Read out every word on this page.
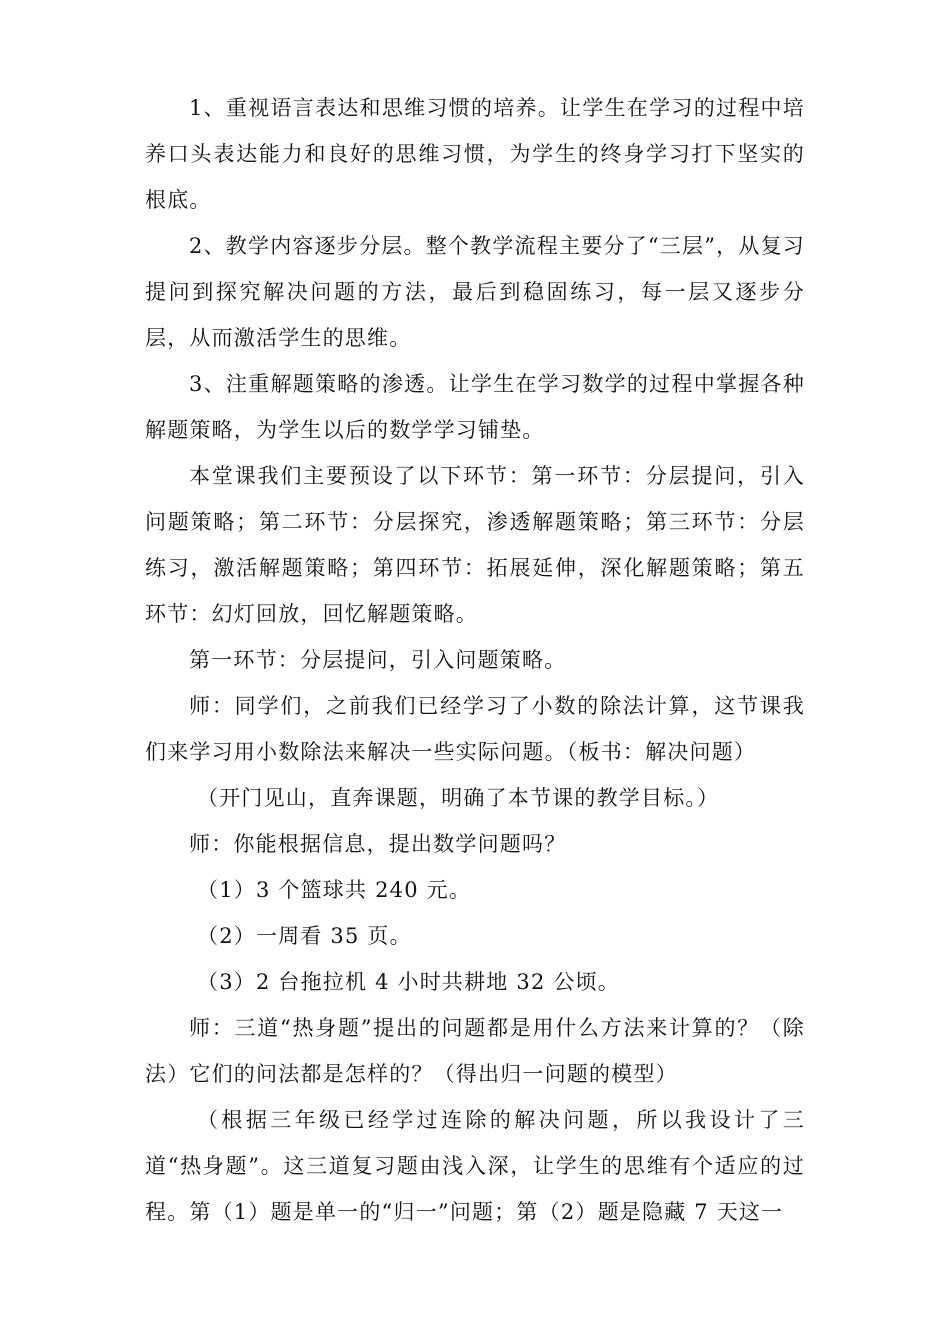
1、重视语言表达和思维习惯的培养。让学生在学习的过程中培养口头表达能力和良好的思维习惯，为学生的终身学习打下坚实的根底。

2、教学内容逐步分层。整个教学流程主要分了“三层”，从复习提问到探究解决问题的方法，最后到稳固练习，每一层又逐步分层，从而激活学生的思维。

3、注重解题策略的渗透。让学生在学习数学的过程中掌握各种解题策略，为学生以后的数学学习铺垫。

本堂课我们主要预设了以下环节：第一环节：分层提问，引入问题策略；第二环节：分层探究，渗透解题策略；第三环节：分层练习，激活解题策略；第四环节：拓展延伸，深化解题策略；第五环节：幻灯回放，回忆解题策略。

第一环节：分层提问，引入问题策略。

师：同学们，之前我们已经学习了小数的除法计算，这节课我们来学习用小数除法来解决一些实际问题。（板书：解决问题）

（开门见山，直奔课题，明确了本节课的教学目标。）

师：你能根据信息，提出数学问题吗？

（1）3 个篮球共 240 元。

（2）一周看 35 页。

（3）2 台拖拉机 4 小时共耕地 32 公顷。

师：三道“热身题”提出的问题都是用什么方法来计算的？（除法）它们的问法都是怎样的？（得出归一问题的模型）

（根据三年级已经学过连除的解决问题，所以我设计了三道“热身题”。这三道复习题由浅入深，让学生的思维有个适应的过程。第（1）题是单一的“归一”问题；第（2）题是隐藏 7 天这一
